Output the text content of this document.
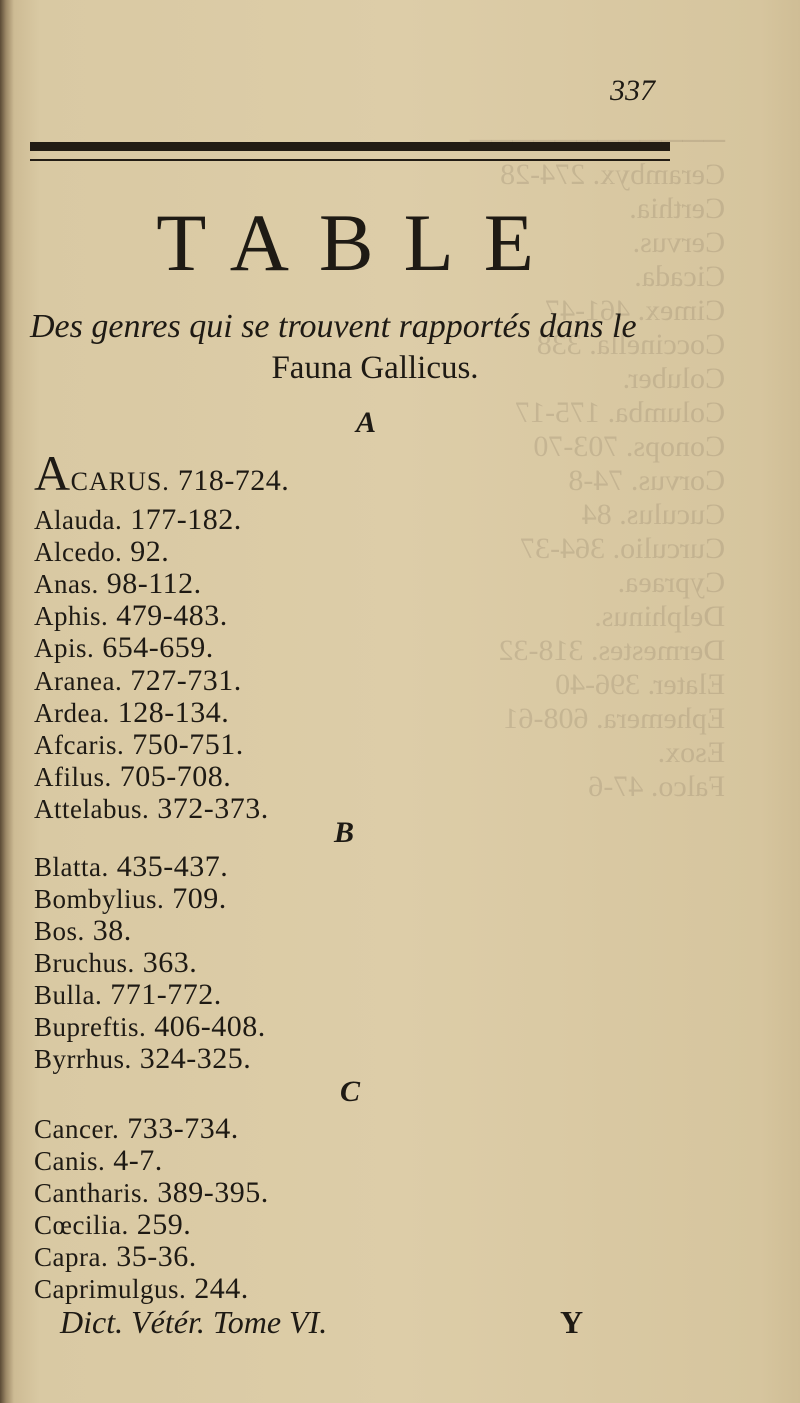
────────────
Cerambyx. 274-28
Certhia.
Cervus.
Cicada.
Cimex. 461-47
Coccinella. 338
Coluber.
Columba. 175-17
Conops. 703-70
Corvus. 74-8
Cuculus. 84
Curculio. 364-37
Cypraea.
Delphinus.
Dermestes. 318-32
Elater. 396-40
Ephemera. 608-61
Esox.
Falco. 47-6

337
TABLE
Des genres qui se trouvent rapportés dans le
Fauna Gallicus.
A
ACARUS. 718-724.
Alauda. 177-182.
Alcedo. 92.
Anas. 98-112.
Aphis. 479-483.
Apis. 654-659.
Aranea. 727-731.
Ardea. 128-134.
Afcaris. 750-751.
Afilus. 705-708.
Attelabus. 372-373.
B
Blatta. 435-437.
Bombylius. 709.
Bos. 38.
Bruchus. 363.
Bulla. 771-772.
Bupreftis. 406-408.
Byrrhus. 324-325.
C
Cancer. 733-734.
Canis. 4-7.
Cantharis. 389-395.
Cœcilia. 259.
Capra. 35-36.
Caprimulgus. 244.
Dict. Vétér. Tome VI.	Y
